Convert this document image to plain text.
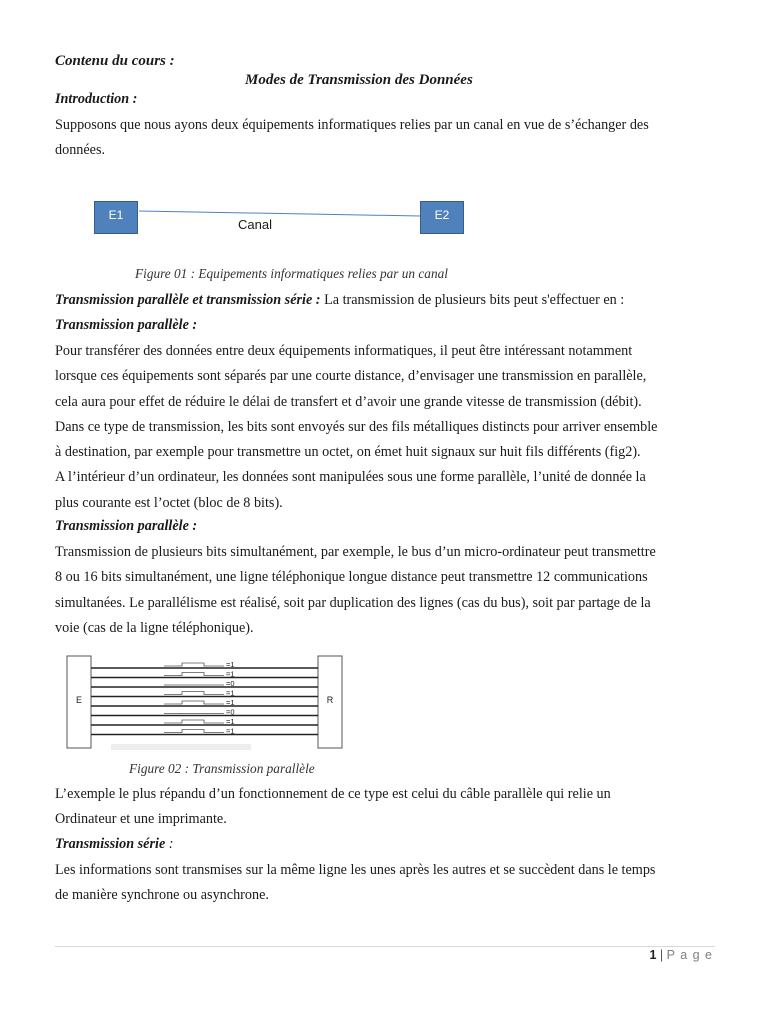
Contenu du cours :
Modes de Transmission des Données
Introduction :
Supposons que nous ayons deux équipements informatiques relies par un canal en vue de s’échanger des
données.
E1	E2
Canal
Figure 01 : Equipements informatiques relies par un canal
Transmission parallèle et transmission série : La transmission de plusieurs bits peut s'effectuer en :
Transmission parallèle :
Pour transférer des données entre deux équipements informatiques, il peut être intéressant notamment
lorsque ces équipements sont séparés par une courte distance, d’envisager une transmission en parallèle,
cela aura pour effet de réduire le délai de transfert et d’avoir une grande vitesse de transmission (débit).
Dans ce type de transmission, les bits sont envoyés sur des fils métalliques distincts pour arriver ensemble
à destination, par exemple pour transmettre un octet, on émet huit signaux sur huit fils différents (fig2).
A l’intérieur d’un ordinateur, les données sont manipulées sous une forme parallèle, l’unité de donnée la
plus courante est l’octet (bloc de 8 bits).
Transmission parallèle :
Transmission de plusieurs bits simultanément, par exemple, le bus d’un micro-ordinateur peut transmettre
8 ou 16 bits simultanément, une ligne téléphonique longue distance peut transmettre 12 communications
simultanées. Le parallélisme est réalisé, soit par duplication des lignes (cas du bus), soit par partage de la
voie (cas de la ligne téléphonique).
E	R
=1
=1
=0
=1
=1
=0
=1
=1
Figure 02 : Transmission parallèle
L’exemple le plus répandu d’un fonctionnement de ce type est celui du câble parallèle qui relie un
Ordinateur et une imprimante.
Transmission série :
Les informations sont transmises sur la même ligne les unes après les autres et se succèdent dans le temps
de manière synchrone ou asynchrone.
1 | P a g e
